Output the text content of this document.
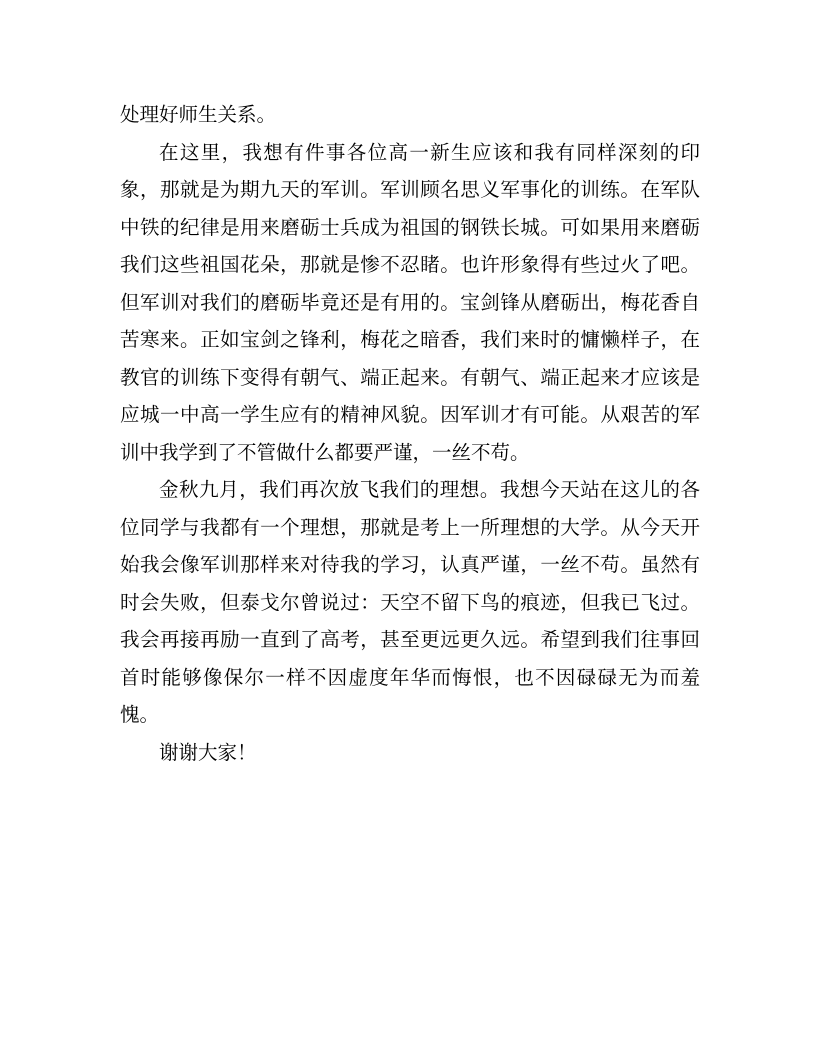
处理好师生关系。

在这里，我想有件事各位高一新生应该和我有同样深刻的印象，那就是为期九天的军训。军训顾名思义军事化的训练。在军队中铁的纪律是用来磨砺士兵成为祖国的钢铁长城。可如果用来磨砺我们这些祖国花朵，那就是惨不忍睹。也许形象得有些过火了吧。但军训对我们的磨砺毕竟还是有用的。宝剑锋从磨砺出，梅花香自苦寒来。正如宝剑之锋利，梅花之暗香，我们来时的慵懒样子，在教官的训练下变得有朝气、端正起来。有朝气、端正起来才应该是应城一中高一学生应有的精神风貌。因军训才有可能。从艰苦的军训中我学到了不管做什么都要严谨，一丝不苟。

金秋九月，我们再次放飞我们的理想。我想今天站在这儿的各位同学与我都有一个理想，那就是考上一所理想的大学。从今天开始我会像军训那样来对待我的学习，认真严谨，一丝不苟。虽然有时会失败，但泰戈尔曾说过：天空不留下鸟的痕迹，但我已飞过。我会再接再励一直到了高考，甚至更远更久远。希望到我们往事回首时能够像保尔一样不因虚度年华而悔恨，也不因碌碌无为而羞愧。

谢谢大家！
